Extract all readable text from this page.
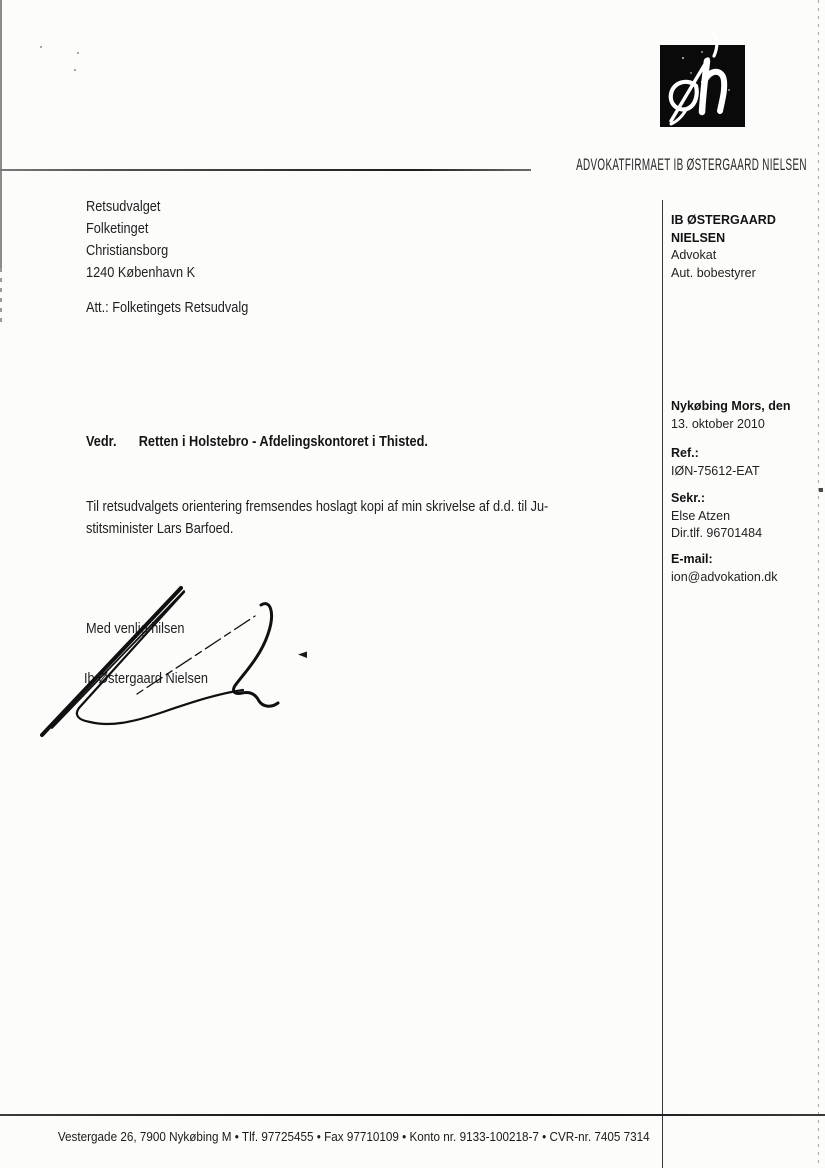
ADVOKATFIRMAET IB ØSTERGAARD NIELSEN
Retsudvalget
Folketinget
Christiansborg
1240 København K
Att.: Folketingets Retsudvalg
IB ØSTERGAARD
NIELSEN
Advokat
Aut. bobestyrer
Nykøbing Mors, den
13. oktober 2010
Ref.:
IØN-75612-EAT
Sekr.:
Else Atzen
Dir.tlf. 96701484
E-mail:
ion@advokation.dk
Vedr. Retten i Holstebro - Afdelingskontoret i Thisted.
Til retsudvalgets orientering fremsendes hoslagt kopi af min skrivelse af d.d. til Ju-
stitsminister Lars Barfoed.
Med venlig hilsen
Ib Østergaard Nielsen
Vestergade 26, 7900 Nykøbing M • Tlf. 97725455 • Fax 97710109 • Konto nr. 9133-100218-7 • CVR-nr. 7405 7314
